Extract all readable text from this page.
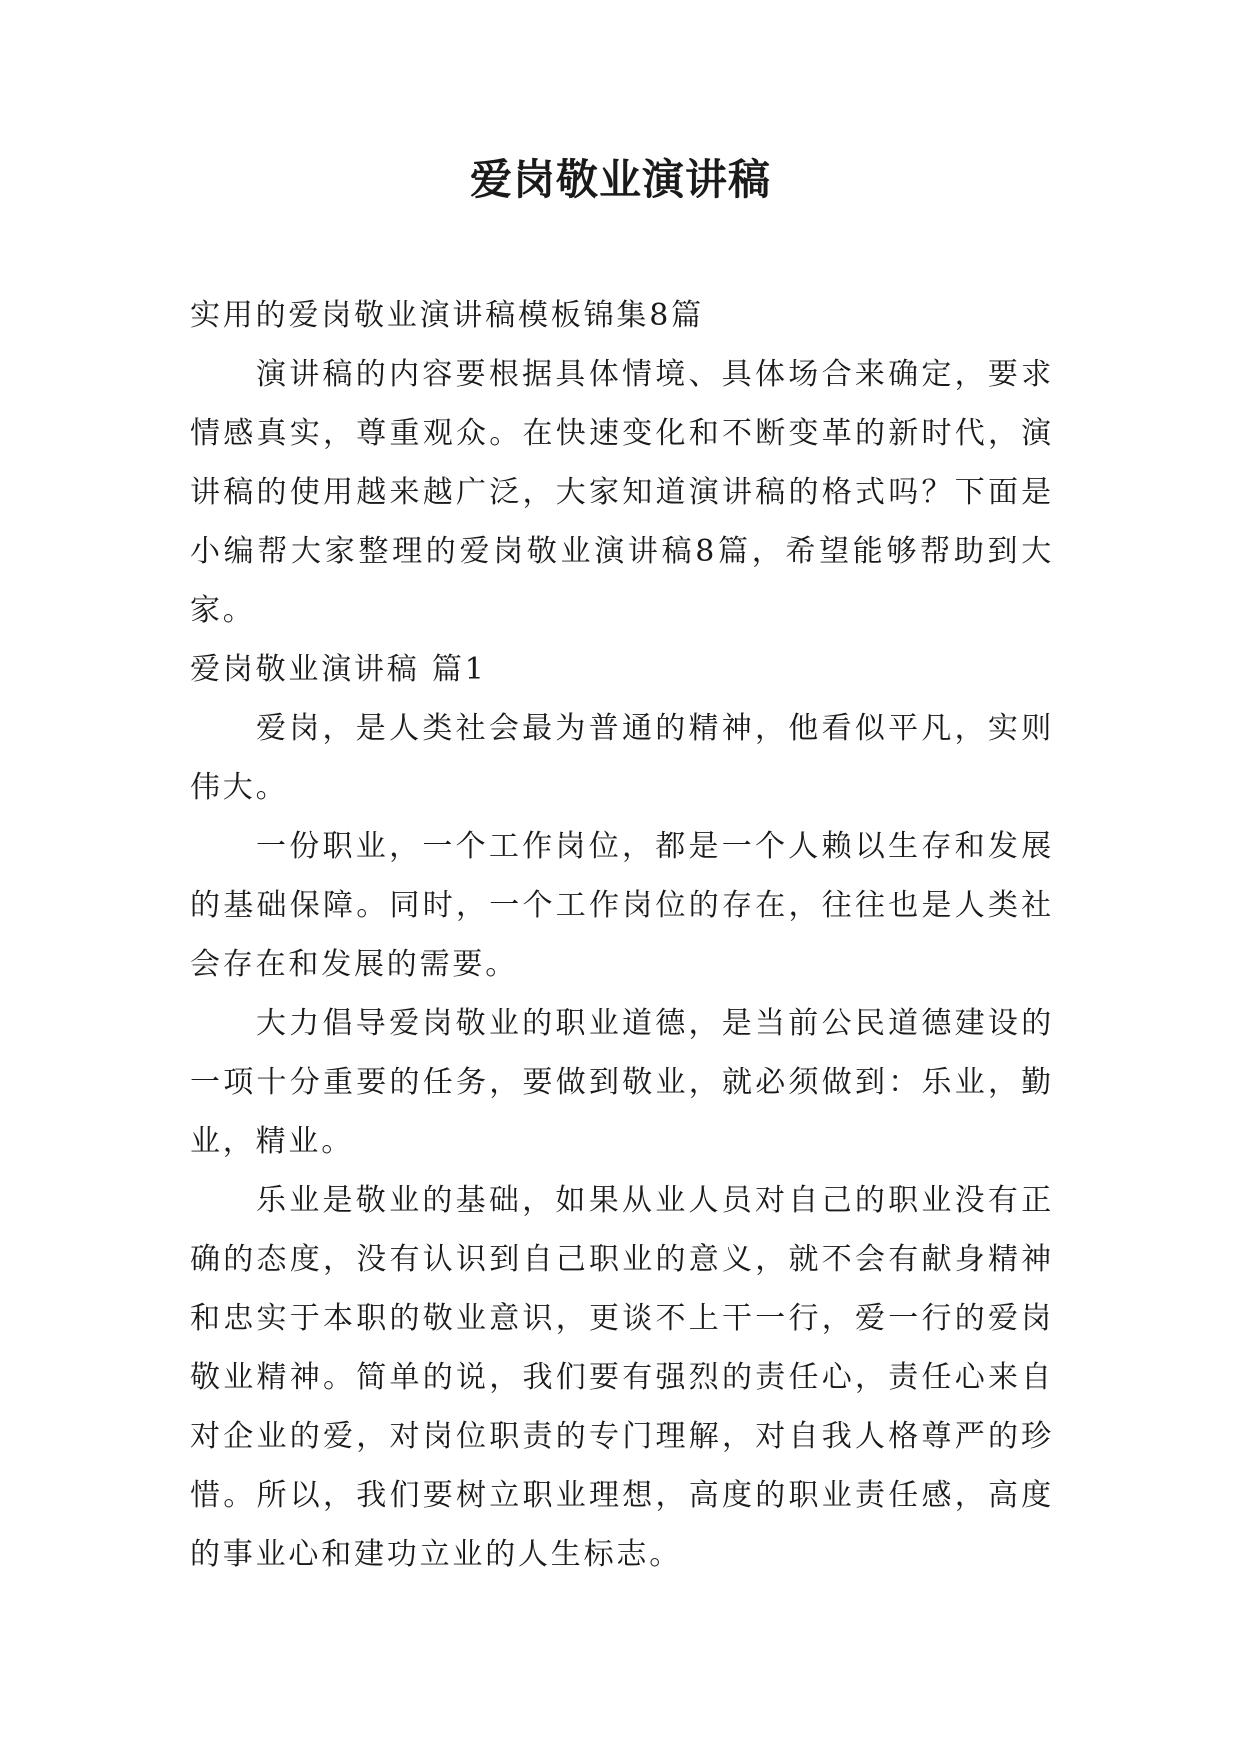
爱岗敬业演讲稿

实用的爱岗敬业演讲稿模板锦集8篇

演讲稿的内容要根据具体情境、具体场合来确定，要求情感真实，尊重观众。在快速变化和不断变革的新时代，演讲稿的使用越来越广泛，大家知道演讲稿的格式吗？下面是小编帮大家整理的爱岗敬业演讲稿8篇，希望能够帮助到大家。

爱岗敬业演讲稿 篇1

爱岗，是人类社会最为普通的精神，他看似平凡，实则伟大。

一份职业，一个工作岗位，都是一个人赖以生存和发展的基础保障。同时，一个工作岗位的存在，往往也是人类社会存在和发展的需要。

大力倡导爱岗敬业的职业道德，是当前公民道德建设的一项十分重要的任务，要做到敬业，就必须做到：乐业，勤业，精业。

乐业是敬业的基础，如果从业人员对自己的职业没有正确的态度，没有认识到自己职业的意义，就不会有献身精神和忠实于本职的敬业意识，更谈不上干一行，爱一行的爱岗敬业精神。简单的说，我们要有强烈的责任心，责任心来自对企业的爱，对岗位职责的专门理解，对自我人格尊严的珍惜。所以，我们要树立职业理想，高度的职业责任感，高度的事业心和建功立业的人生标志。
